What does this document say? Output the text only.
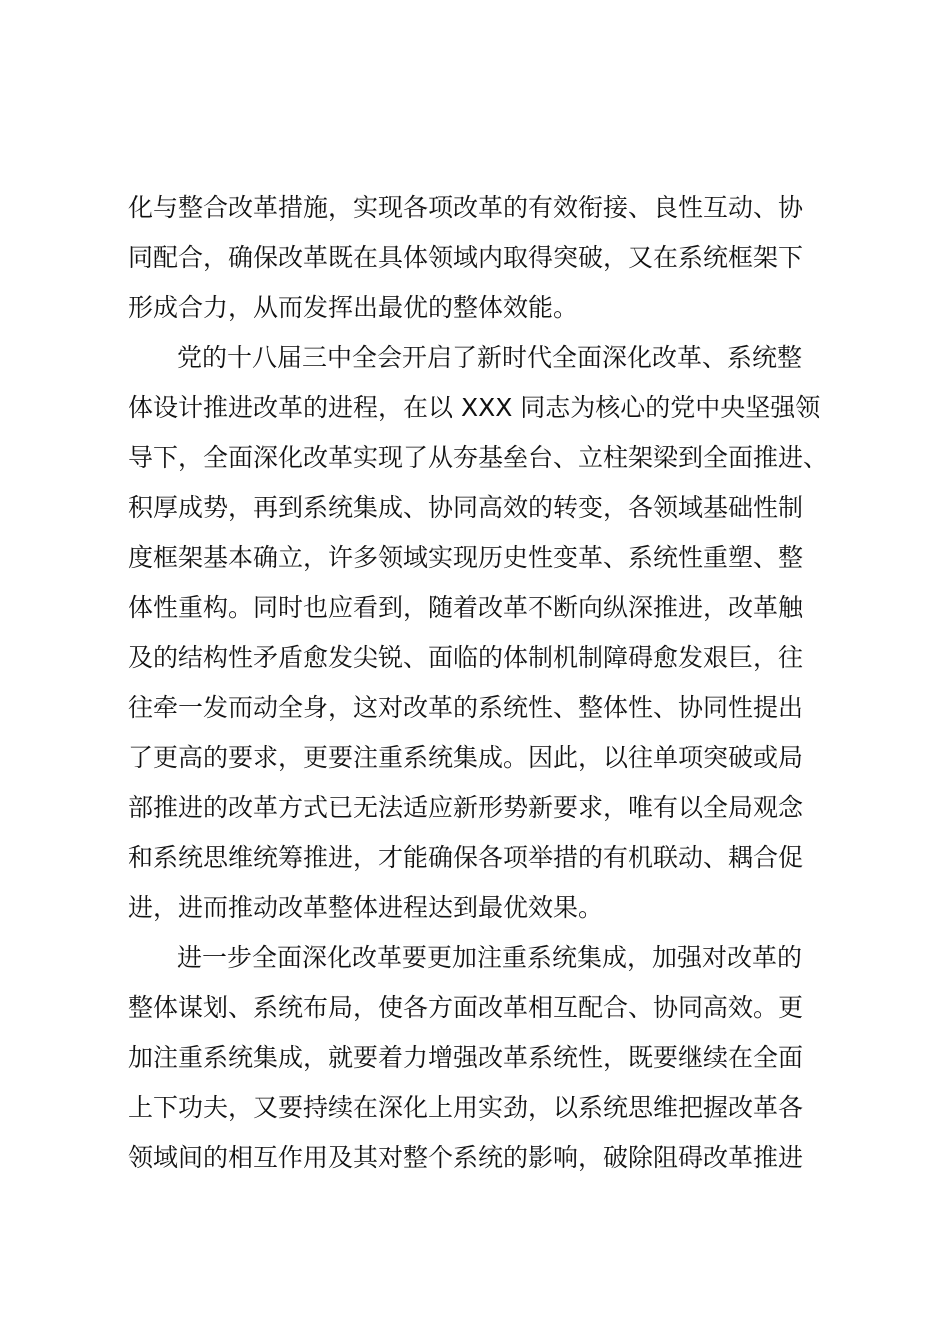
化与整合改革措施，实现各项改革的有效衔接、良性互动、协
同配合，确保改革既在具体领域内取得突破，又在系统框架下
形成合力，从而发挥出最优的整体效能。
党的十八届三中全会开启了新时代全面深化改革、系统整
体设计推进改革的进程，在以 XXX 同志为核心的党中央坚强领
导下，全面深化改革实现了从夯基垒台、立柱架梁到全面推进、
积厚成势，再到系统集成、协同高效的转变，各领域基础性制
度框架基本确立，许多领域实现历史性变革、系统性重塑、整
体性重构。同时也应看到，随着改革不断向纵深推进，改革触
及的结构性矛盾愈发尖锐、面临的体制机制障碍愈发艰巨，往
往牵一发而动全身，这对改革的系统性、整体性、协同性提出
了更高的要求，更要注重系统集成。因此，以往单项突破或局
部推进的改革方式已无法适应新形势新要求，唯有以全局观念
和系统思维统筹推进，才能确保各项举措的有机联动、耦合促
进，进而推动改革整体进程达到最优效果。
进一步全面深化改革要更加注重系统集成，加强对改革的
整体谋划、系统布局，使各方面改革相互配合、协同高效。更
加注重系统集成，就要着力增强改革系统性，既要继续在全面
上下功夫，又要持续在深化上用实劲，以系统思维把握改革各
领域间的相互作用及其对整个系统的影响，破除阻碍改革推进
